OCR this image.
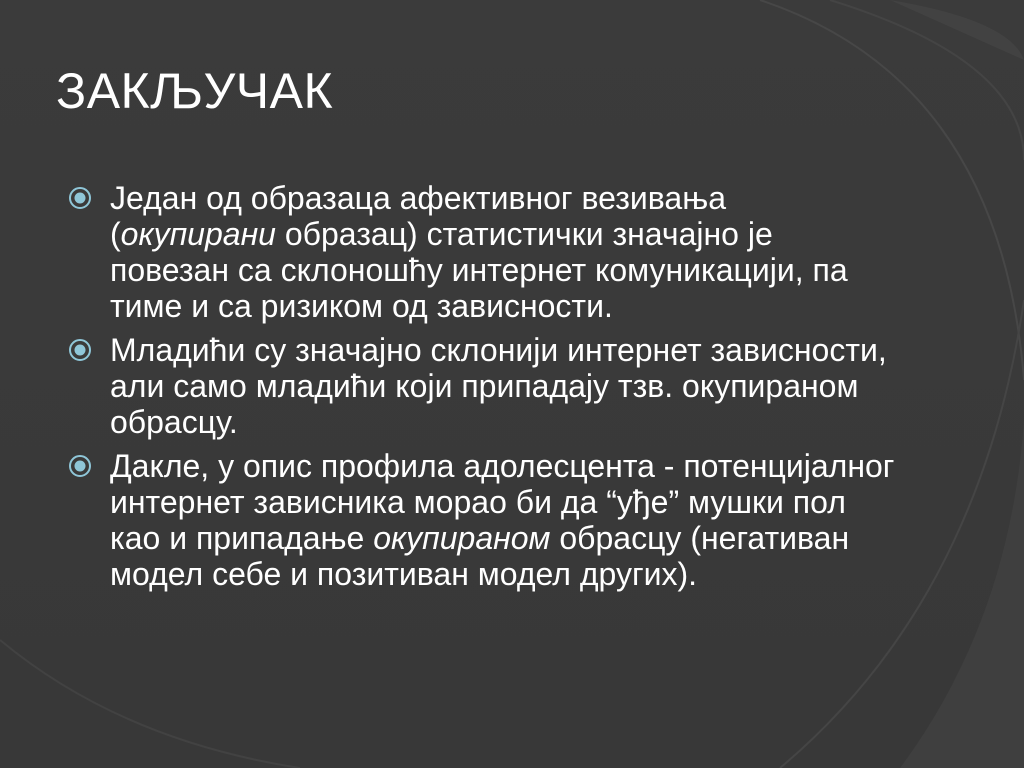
ЗАКЉУЧАК
Један од образаца афективног везивања (окупирани образац) статистички значајно је повезан са склоношћу интернет комуникацији, па тиме и са ризиком од зависности.
Младићи су значајно склонији интернет зависности, али само младићи који припадају тзв. окупираном обрасцу.
Дакле, у опис профила адолесцента - потенцијалног интернет зависника морао би да “уђе” мушки пол као и припадање окупираном обрасцу (негативан модел себе и позитиван модел других).
